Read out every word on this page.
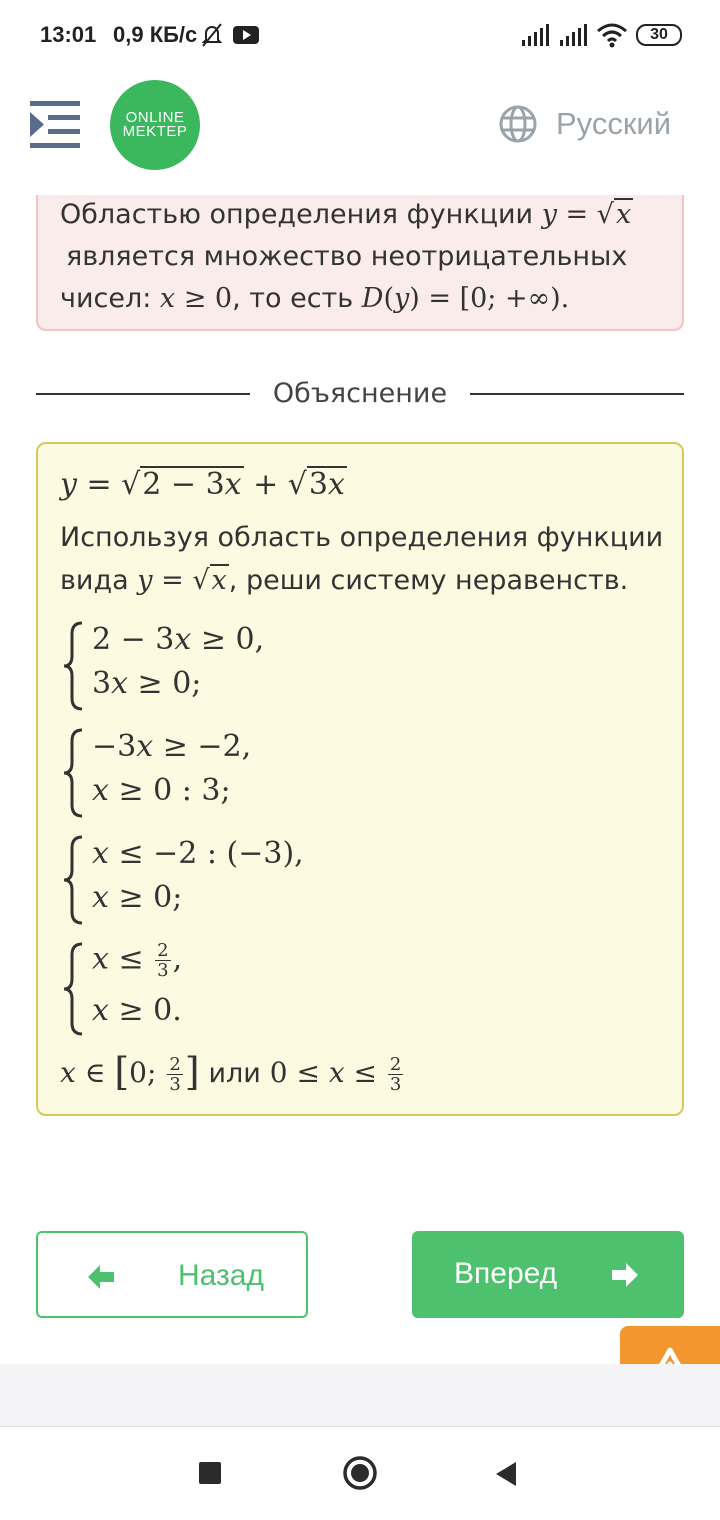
13:01 0,9 КБ/с	30
ONLINE
MEKTEP	Русский
Областью определения функции y = √x
является множество неотрицательных
чисел: x ≥ 0, то есть D(y) = [0; +∞).
Объяснение
y = √2 − 3x + √3x
Используя область определения функции
вида y = √x, реши систему неравенств.
2 − 3x ≥ 0,
3x ≥ 0;
−3x ≥ −2,
x ≥ 0 : 3;
x ≤ −2 : (−3),
x ≥ 0;
$x \le \frac{2}{3}$ ,
x ≥ 0.
x ∈ [0; $\frac{2}{3}$ ] или $0 \le x \le \frac{2}{3}$
Назад	Вперед
